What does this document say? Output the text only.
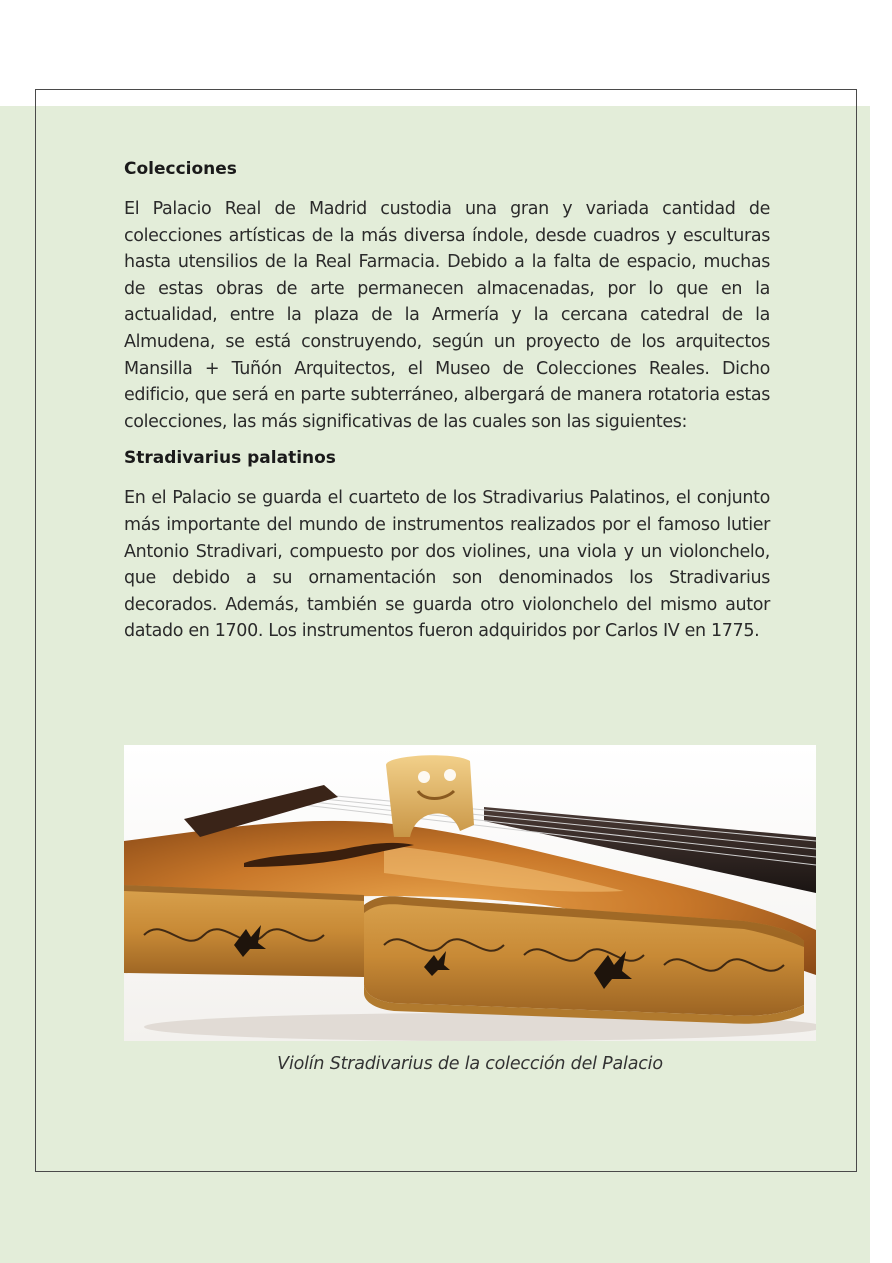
Colecciones

El Palacio Real de Madrid custodia una gran y variada cantidad de colecciones artísticas de la más diversa índole, desde cuadros y esculturas hasta utensilios de la Real Farmacia. Debido a la falta de espacio, muchas de estas obras de arte permanecen almacenadas, por lo que en la actualidad, entre la plaza de la Armería y la cercana catedral de la Almudena, se está construyendo, según un proyecto de los arquitectos Mansilla + Tuñón Arquitectos, el Museo de Colecciones Reales. Dicho edificio, que será en parte subterráneo, albergará de manera rotatoria estas colecciones, las más significativas de las cuales son las siguientes:

Stradivarius palatinos

En el Palacio se guarda el cuarteto de los Stradivarius Palatinos, el conjunto más importante del mundo de instrumentos realizados por el famoso lutier Antonio Stradivari, compuesto por dos violines, una viola y un violonchelo, que debido a su ornamentación son denominados los Stradivarius decorados. Además, también se guarda otro violonchelo del mismo autor datado en 1700. Los instrumentos fueron adquiridos por Carlos IV en 1775.

Violín Stradivarius de la colección del Palacio
